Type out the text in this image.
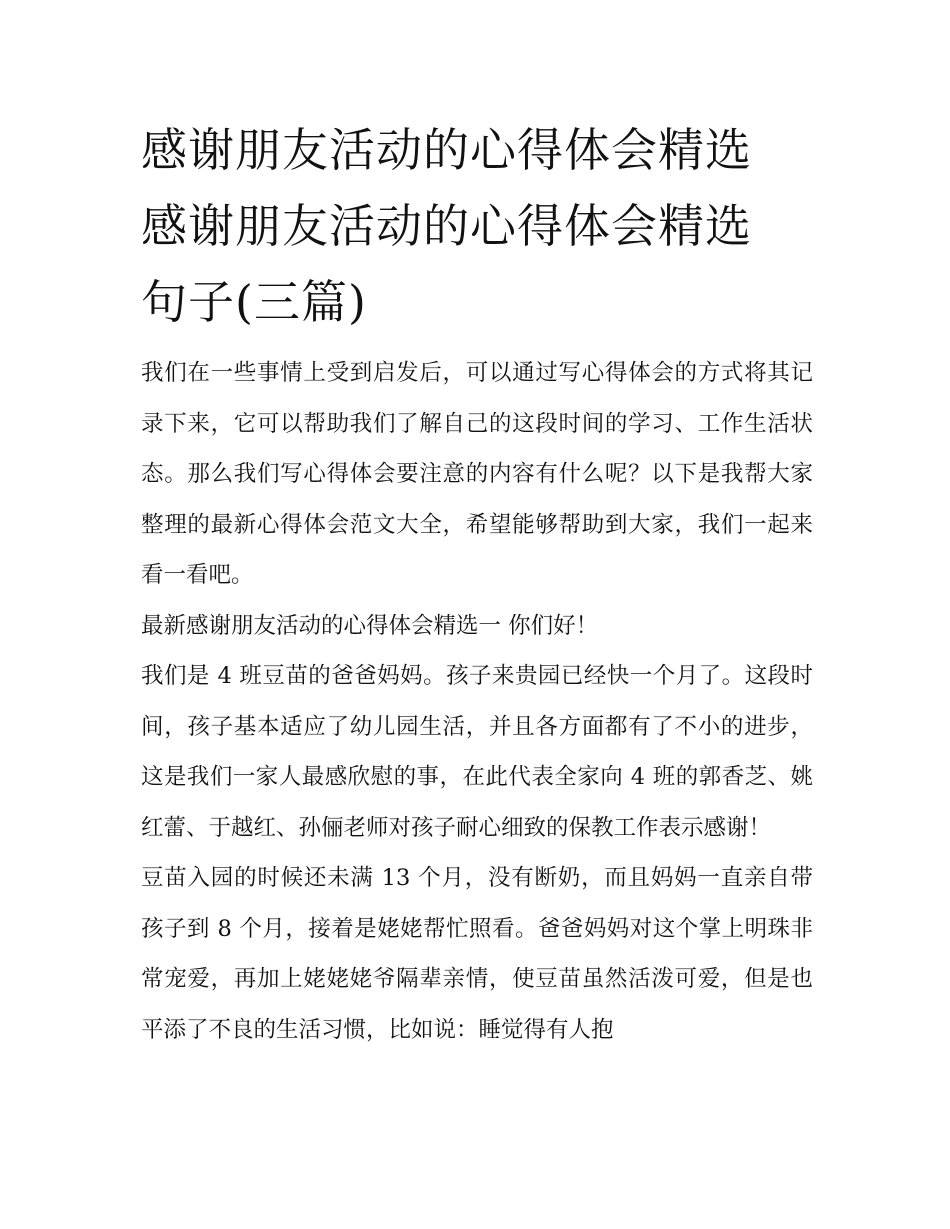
感谢朋友活动的心得体会精选
感谢朋友活动的心得体会精选
句子(三篇)

我们在一些事情上受到启发后，可以通过写心得体会的方式将其记录下来，它可以帮助我们了解自己的这段时间的学习、工作生活状态。那么我们写心得体会要注意的内容有什么呢？以下是我帮大家整理的最新心得体会范文大全，希望能够帮助到大家，我们一起来看一看吧。

最新感谢朋友活动的心得体会精选一 你们好！

我们是 4 班豆苗的爸爸妈妈。孩子来贵园已经快一个月了。这段时间，孩子基本适应了幼儿园生活，并且各方面都有了不小的进步，这是我们一家人最感欣慰的事，在此代表全家向 4 班的郭香芝、姚红蕾、于越红、孙俪老师对孩子耐心细致的保教工作表示感谢！

豆苗入园的时候还未满 13 个月，没有断奶，而且妈妈一直亲自带孩子到 8 个月，接着是姥姥帮忙照看。爸爸妈妈对这个掌上明珠非常宠爱，再加上姥姥姥爷隔辈亲情，使豆苗虽然活泼可爱，但是也平添了不良的生活习惯，比如说：睡觉得有人抱
